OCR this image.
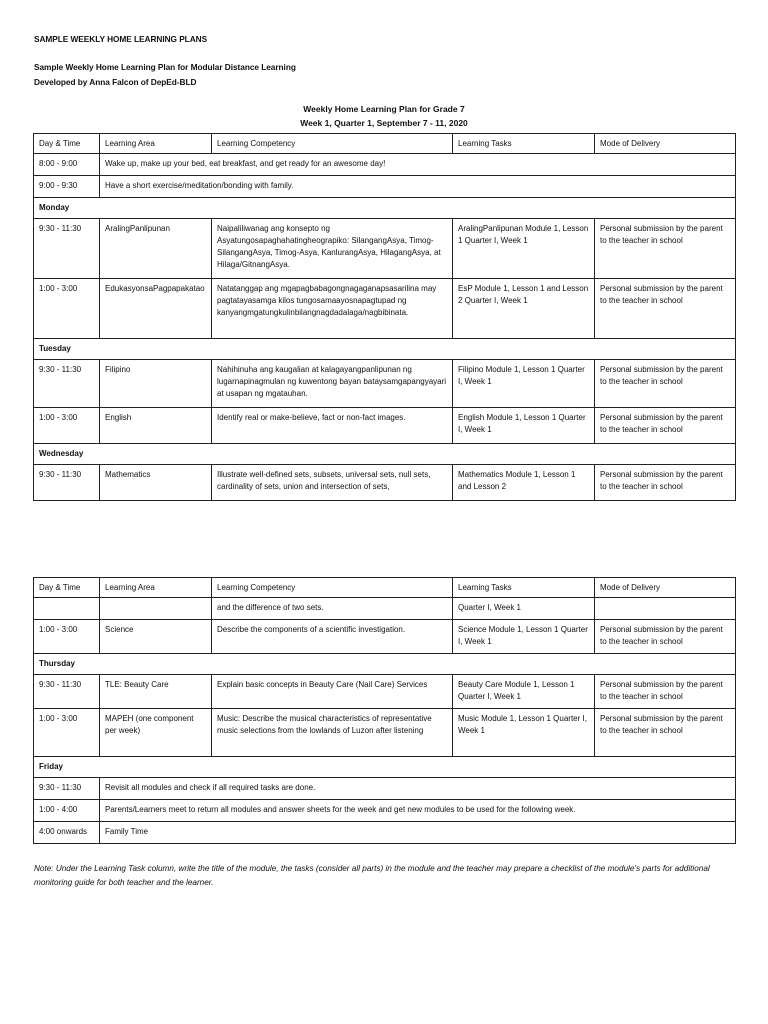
SAMPLE WEEKLY HOME LEARNING PLANS
Sample Weekly Home Learning Plan for Modular Distance Learning
Developed by Anna Falcon of DepEd-BLD
Weekly Home Learning Plan for Grade 7
Week 1, Quarter 1, September 7 - 11, 2020
Day & Time	Learning Area	Learning Competency	Learning Tasks	Mode of Delivery
8:00 - 9:00	Wake up, make up your bed, eat breakfast, and get ready for an awesome day!			
9:00 - 9:30	Have a short exercise/meditation/bonding with family.			
Monday				
9:30 - 11:30	AralingPanlipunan	Naipaliliwanag ang konsepto ng Asyatungosapaghahatingheograpiko: SilangangAsya, Timog-SilangangAsya, Timog-Asya, KanlurangAsya, HilagangAsya, at Hilaga/GitnangAsya.	AralingPanlipunan Module 1, Lesson 1 Quarter I, Week 1	Personal submission by the parent to the teacher in school
1:00 - 3:00	EdukasyonsaPagpapakatao	Natatanggap ang mgapagbabagongnagaganapsasarilina may pagtatayasamga kilos tungosamaayosnapagtupad ng kanyangmgatungkulinbilangnagdadalaga/nagbibinata.	EsP Module 1, Lesson 1 and Lesson 2 Quarter I, Week 1	Personal submission by the parent to the teacher in school
Tuesday				
9:30 - 11:30	Filipino	Nahihinuha ang kaugalian at kalagayangpanlipunan ng lugarnapinagmulan ng kuwentong bayan bataysamgapangyayari at usapan ng mgatauhan.	Filipino Module 1, Lesson 1 Quarter I, Week 1	Personal submission by the parent to the teacher in school
1:00 - 3:00	English	Identify real or make-believe, fact or non-fact images.	English Module 1, Lesson 1 Quarter I, Week 1	Personal submission by the parent to the teacher in school
Wednesday				
9:30 - 11:30	Mathematics	Illustrate well-defined sets, subsets, universal sets, null sets, cardinality of sets, union and intersection of sets,	Mathematics Module 1, Lesson 1 and Lesson 2	Personal submission by the parent to the teacher in school
Day & Time	Learning Area	Learning Competency	Learning Tasks	Mode of Delivery
		and the difference of two sets.	Quarter I, Week 1	
1:00 - 3:00	Science	Describe the components of a scientific investigation.	Science Module 1, Lesson 1 Quarter I, Week 1	Personal submission by the parent to the teacher in school
Thursday				
9:30 - 11:30	TLE: Beauty Care	Explain basic concepts in Beauty Care (Nail Care) Services	Beauty Care Module 1, Lesson 1 Quarter I, Week 1	Personal submission by the parent to the teacher in school
1:00 - 3:00	MAPEH (one component per week)	Music: Describe the musical characteristics of representative music selections from the lowlands of Luzon after listening	Music Module 1, Lesson 1 Quarter I, Week 1	Personal submission by the parent to the teacher in school
Friday				
9:30 - 11:30	Revisit all modules and check if all required tasks are done.			
1:00 - 4:00	Parents/Learners meet to return all modules and answer sheets for the week and get new modules to be used for the following week.			
4:00 onwards	Family Time			
Note: Under the Learning Task column, write the title of the module, the tasks (consider all parts) in the module and the teacher may prepare a checklist of the module's parts for additional monitoring guide for both teacher and the learner.
